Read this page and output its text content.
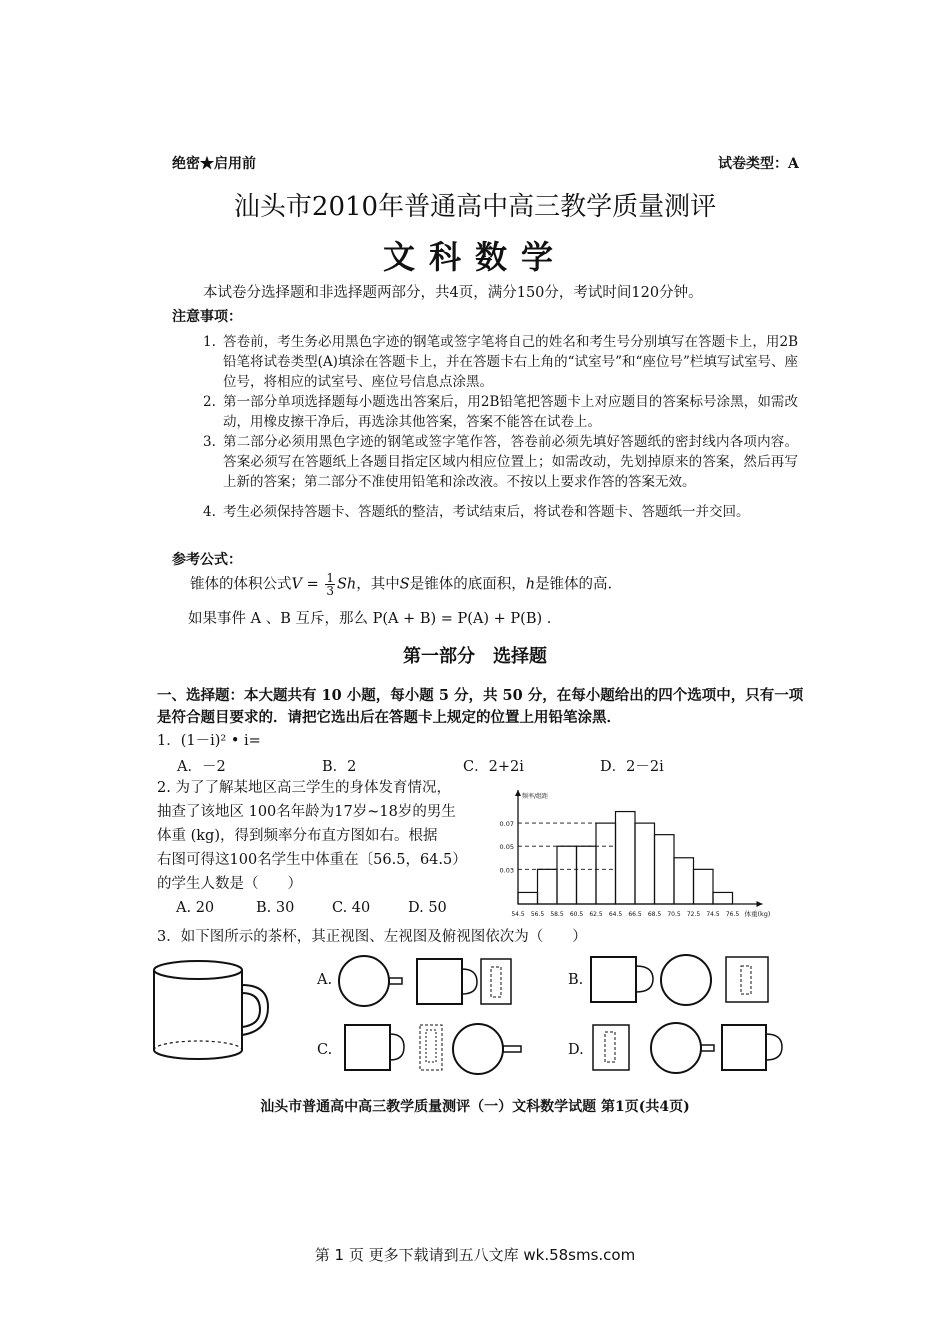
绝密★启用前	试卷类型：A
汕头市2010年普通高中高三教学质量测评
文科数学
本试卷分选择题和非选择题两部分，共4页，满分150分，考试时间120分钟。
注意事项：
1. 答卷前，考生务必用黑色字迹的钢笔或签字笔将自己的姓名和考生号分别填写在答题卡上，用2B铅笔将试卷类型(A)填涂在答题卡上，并在答题卡右上角的“试室号”和“座位号”栏填写试室号、座位号，将相应的试室号、座位号信息点涂黑。
2. 第一部分单项选择题每小题选出答案后，用2B铅笔把答题卡上对应题目的答案标号涂黑，如需改动，用橡皮擦干净后，再选涂其他答案，答案不能答在试卷上。
3. 第二部分必须用黑色字迹的钢笔或签字笔作答，答卷前必须先填好答题纸的密封线内各项内容。答案必须写在答题纸上各题目指定区域内相应位置上；如需改动，先划掉原来的答案，然后再写上新的答案；第二部分不准使用铅笔和涂改液。不按以上要求作答的答案无效。
4. 考生必须保持答题卡、答题纸的整洁，考试结束后，将试卷和答题卡、答题纸一并交回。
参考公式：
锥体的体积公式$V = \frac{1}{3}$ Sh，其中S是锥体的底面积，h是锥体的高.
如果事件 A 、B 互斥，那么 P(A + B) = P(A) + P(B) .
第一部分　选择题
一、选择题：本大题共有 10 小题，每小题 5 分，共 50 分，在每小题给出的四个选项中，只有一项
是符合题目要求的．请把它选出后在答题卡上规定的位置上用铅笔涂黑．
1．(1－i)² • i=
A．－2	B．2	C．2+2i	D．2－2i
2. 为了了解某地区高三学生的身体发育情况，
抽查了该地区 100名年龄为17岁~18岁的男生
体重 (kg)，得到频率分布直方图如右。根据
右图可得这100名学生中体重在〔56.5，64.5）
的学生人数是（　　）
A. 20	B. 30	C. 40	D. 50
0.03
0.05
0.07
54.5 56.5 58.5 60.5 62.5 64.5 66.5 68.5 70.5 72.5 74.5 76.5
频率/组距
体重(kg)
3．如下图所示的茶杯，其正视图、左视图及俯视图依次为（　　）
A.	B.
C.	D.
汕头市普通高中高三教学质量测评（一）文科数学试题 第1页(共4页)
第 1 页 更多下载请到五八文库 wk.58sms.com
